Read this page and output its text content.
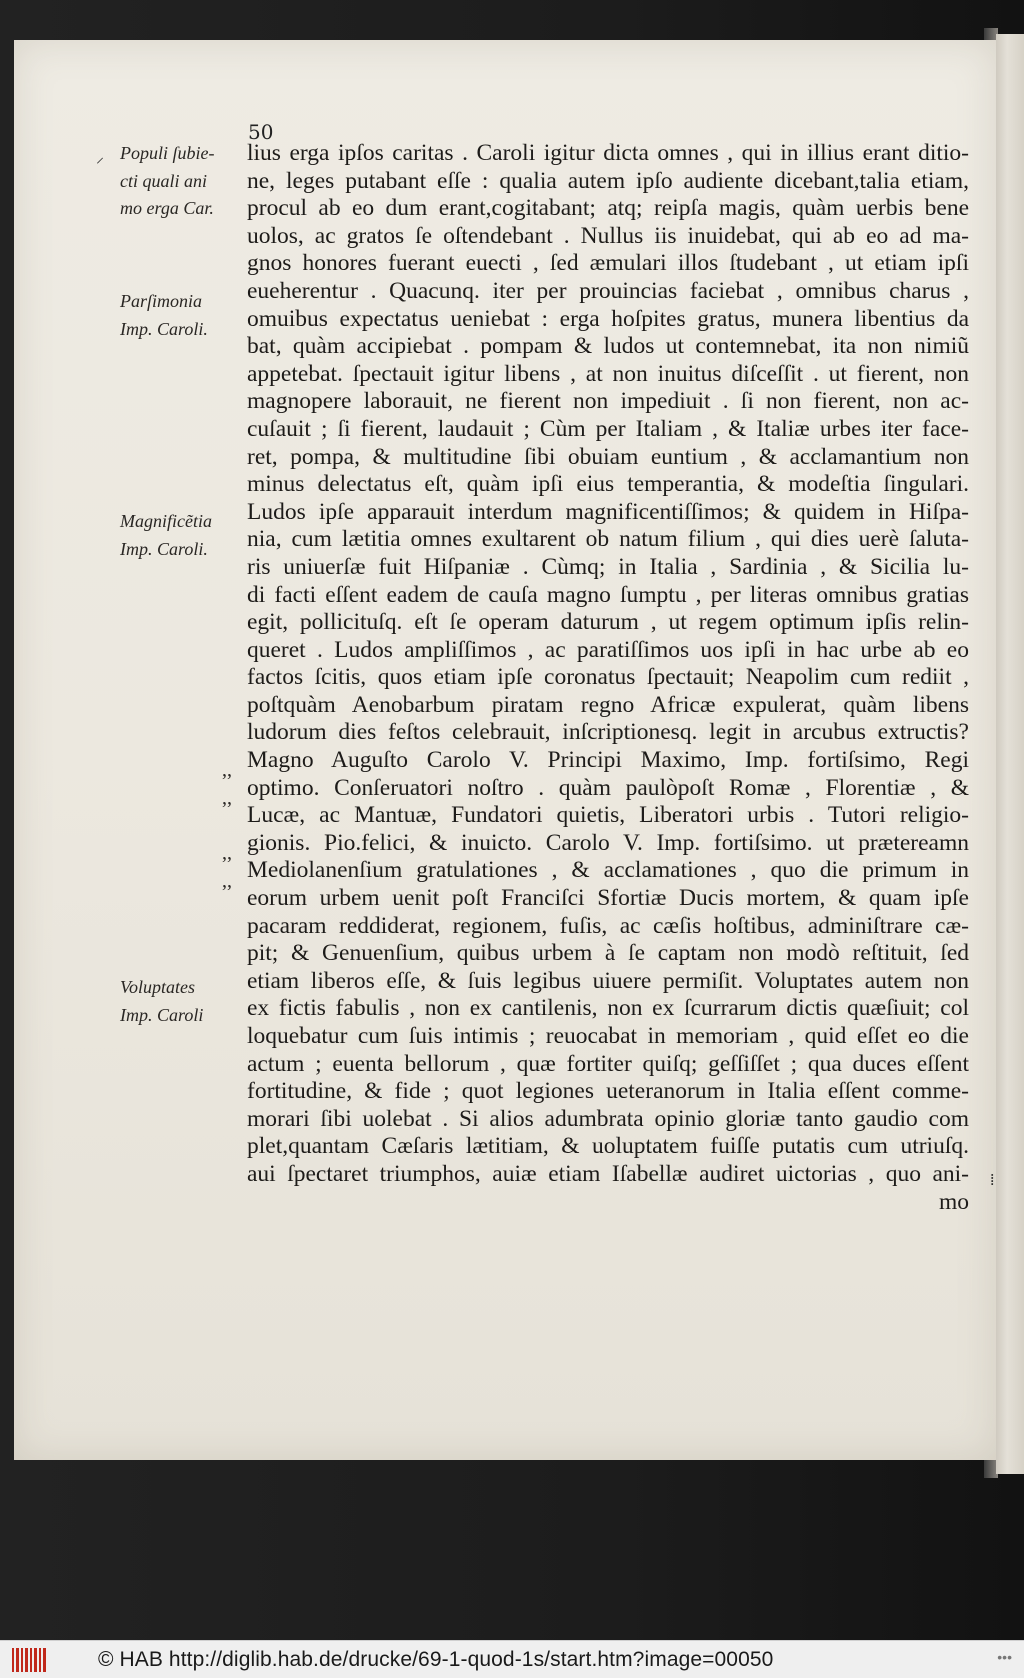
50
⸍
Populi ſubie-
cti quali ani
mo erga Car.
Parſimonia
Imp. Caroli.
Magnificẽtia
Imp. Caroli.
Voluptates
Imp. Caroli
,,
,,
,,
,,
lius erga ipſos caritas . Caroli igitur dicta omnes , qui in illius erant ditio-
ne, leges putabant eſſe : qualia autem ipſo audiente dicebant,talia etiam,
procul ab eo dum erant,cogitabant; atq; reipſa magis, quàm uerbis bene
uolos, ac gratos ſe oſtendebant . Nullus iis inuidebat, qui ab eo ad ma-
gnos honores fuerant euecti , ſed æmulari illos ſtudebant , ut etiam ipſi
eueherentur . Quacunq. iter per prouincias faciebat , omnibus charus ,
omuibus expectatus ueniebat : erga hoſpites gratus, munera libentius da
bat, quàm accipiebat . pompam & ludos ut contemnebat, ita non nimiũ
appetebat. ſpectauit igitur libens , at non inuitus diſceſſit . ut fierent, non
magnopere laborauit, ne fierent non impediuit . ſi non fierent, non ac-
cuſauit ; ſi fierent, laudauit ; Cùm per Italiam , & Italiæ urbes iter face-
ret, pompa, & multitudine ſibi obuiam euntium , & acclamantium non
minus delectatus eſt, quàm ipſi eius temperantia, & modeſtia ſingulari.
Ludos ipſe apparauit interdum magnificentiſſimos; & quidem in Hiſpa-
nia, cum lætitia omnes exultarent ob natum filium , qui dies uerè ſaluta-
ris uniuerſæ fuit Hiſpaniæ . Cùmq; in Italia , Sardinia , & Sicilia lu-
di facti eſſent eadem de cauſa magno ſumptu , per literas omnibus gratias
egit, pollicituſq. eſt ſe operam daturum , ut regem optimum ipſis relin-
queret . Ludos ampliſſimos , ac paratiſſimos uos ipſi in hac urbe ab eo
factos ſcitis, quos etiam ipſe coronatus ſpectauit; Neapolim cum rediit ,
poſtquàm Aenobarbum piratam regno Africæ expulerat, quàm libens
ludorum dies feſtos celebrauit, inſcriptionesq. legit in arcubus extructis?
Magno Auguſto Carolo V. Principi Maximo, Imp. fortiſsimo, Regi
optimo. Conſeruatori noſtro . quàm paulòpoſt Romæ , Florentiæ , &
Lucæ, ac Mantuæ, Fundatori quietis, Liberatori urbis . Tutori religio-
gionis. Pio.felici, & inuicto. Carolo V. Imp. fortiſsimo. ut prætereamn
Mediolanenſium gratulationes , & acclamationes , quo die primum in
eorum urbem uenit poſt Franciſci Sfortiæ Ducis mortem, & quam ipſe
pacaram reddiderat, regionem, fuſis, ac cæſis hoſtibus, adminiſtrare cæ-
pit; & Genuenſium, quibus urbem à ſe captam non modò reſtituit, ſed
etiam liberos eſſe, & ſuis legibus uiuere permiſit. Voluptates autem non
ex fictis fabulis , non ex cantilenis, non ex ſcurrarum dictis quæſiuit; col
loquebatur cum ſuis intimis ; reuocabat in memoriam , quid eſſet eo die
actum ; euenta bellorum , quæ fortiter quiſq; geſſiſſet ; qua duces eſſent
fortitudine, & fide ; quot legiones ueteranorum in Italia eſſent comme-
morari ſibi uolebat . Si alios adumbrata opinio gloriæ tanto gaudio com
plet,quantam Cæſaris lætitiam, & uoluptatem fuiſſe putatis cum utriuſq.
aui ſpectaret triumphos, auiæ etiam Iſabellæ audiret uictorias , quo ani-
mo
⁞
© HAB http://diglib.hab.de/drucke/69-1-quod-1s/start.htm?image=00050	•••
